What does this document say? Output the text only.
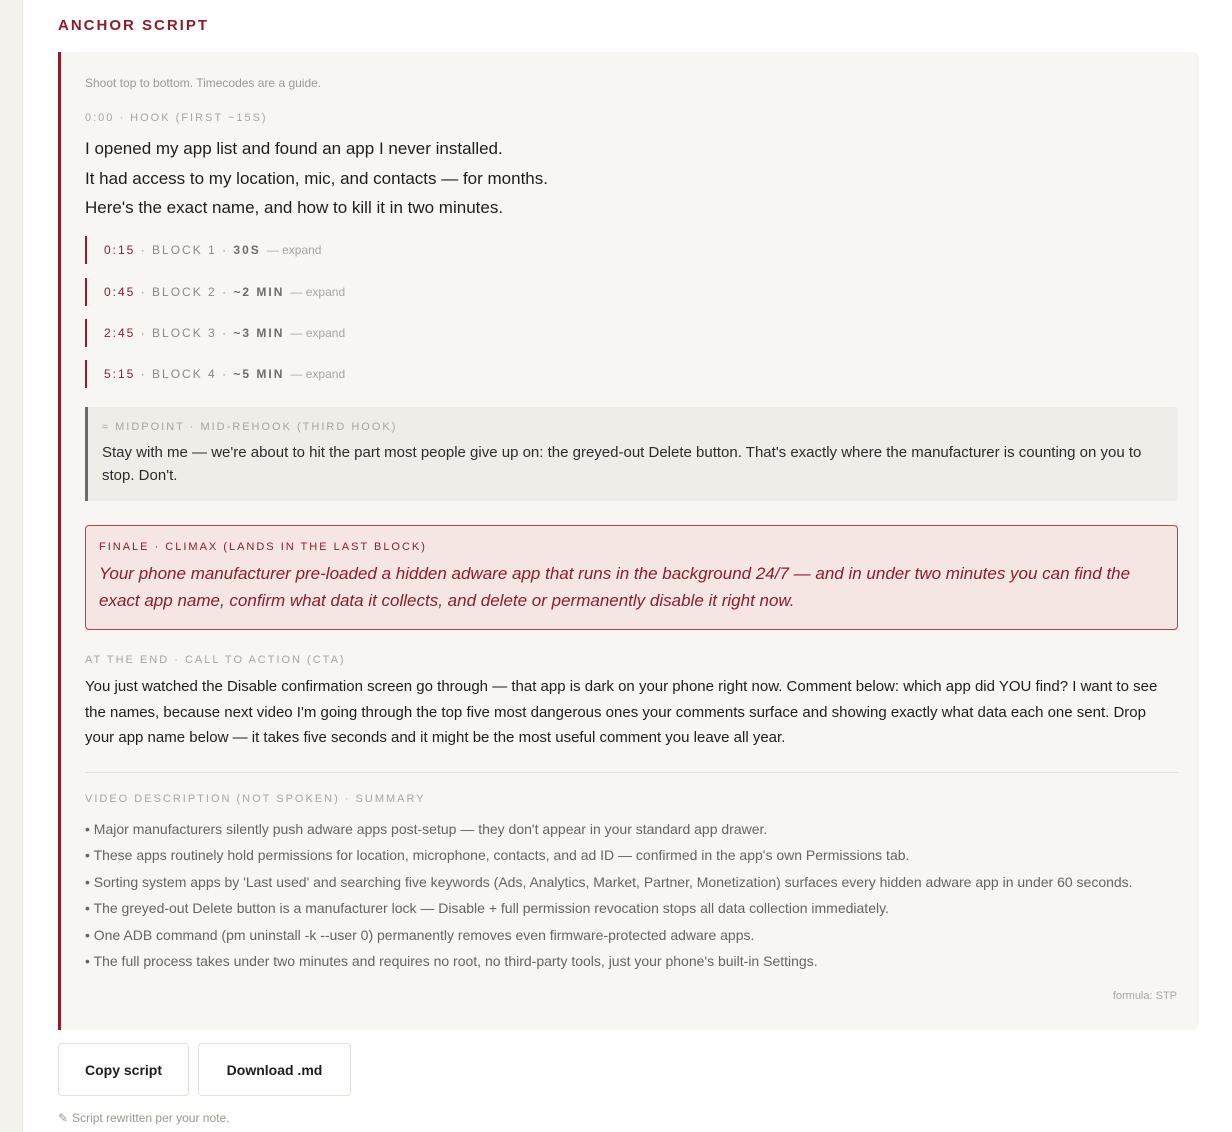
ANCHOR SCRIPT
Shoot top to bottom. Timecodes are a guide.
0:00 · HOOK (FIRST ~15S)
I opened my app list and found an app I never installed.
It had access to my location, mic, and contacts — for months.
Here's the exact name, and how to kill it in two minutes.
0:15 · BLOCK 1 · 30S — expand
0:45 · BLOCK 2 · ~2 MIN — expand
2:45 · BLOCK 3 · ~3 MIN — expand
5:15 · BLOCK 4 · ~5 MIN — expand
≈ MIDPOINT · MID-REHOOK (THIRD HOOK)
Stay with me — we're about to hit the part most people give up on: the greyed-out Delete button. That's exactly where the manufacturer is counting on you to stop. Don't.
FINALE · CLIMAX (LANDS IN THE LAST BLOCK)
Your phone manufacturer pre-loaded a hidden adware app that runs in the background 24/7 — and in under two minutes you can find the exact app name, confirm what data it collects, and delete or permanently disable it right now.
AT THE END · CALL TO ACTION (CTA)
You just watched the Disable confirmation screen go through — that app is dark on your phone right now. Comment below: which app did YOU find? I want to see the names, because next video I'm going through the top five most dangerous ones your comments surface and showing exactly what data each one sent. Drop your app name below — it takes five seconds and it might be the most useful comment you leave all year.
VIDEO DESCRIPTION (NOT SPOKEN) · SUMMARY
• Major manufacturers silently push adware apps post-setup — they don't appear in your standard app drawer.
• These apps routinely hold permissions for location, microphone, contacts, and ad ID — confirmed in the app's own Permissions tab.
• Sorting system apps by 'Last used' and searching five keywords (Ads, Analytics, Market, Partner, Monetization) surfaces every hidden adware app in under 60 seconds.
• The greyed-out Delete button is a manufacturer lock — Disable + full permission revocation stops all data collection immediately.
• One ADB command (pm uninstall -k --user 0) permanently removes even firmware-protected adware apps.
• The full process takes under two minutes and requires no root, no third-party tools, just your phone's built-in Settings.
formula: STP
Copy script	Download .md
✎ Script rewritten per your note.
